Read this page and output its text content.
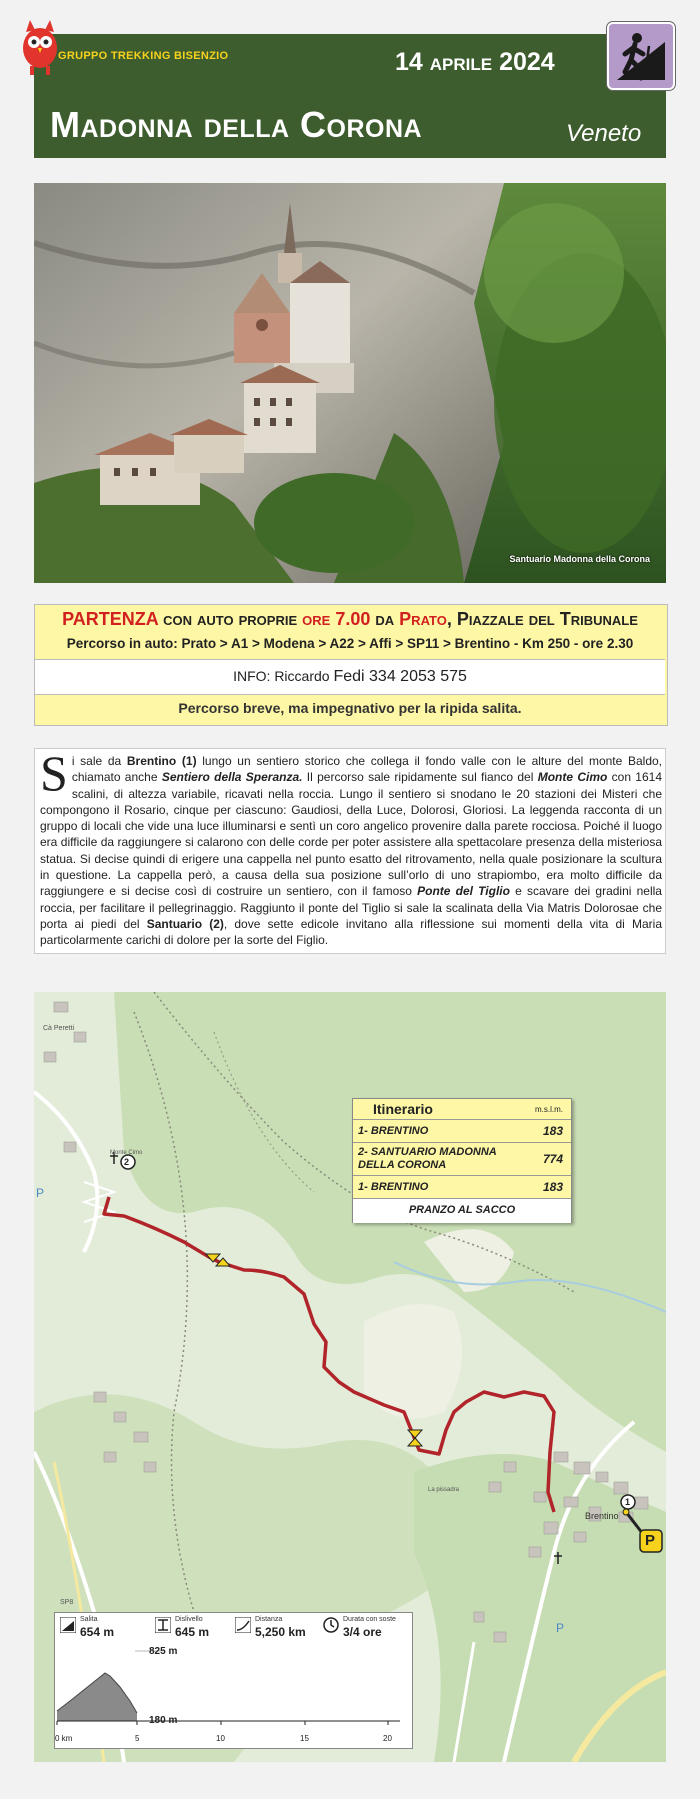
GRUPPO TREKKING BISENZIO	14 APRILE 2024
Madonna della Corona	Veneto
Santuario Madonna della Corona
PARTENZA con auto proprie ore 7.00 da Prato, Piazzale del Tribunale
Percorso in auto: Prato > A1 > Modena > A22 > Affi > SP11 > Brentino - Km 250 - ore 2.30
INFO: Riccardo Fedi 334 2053 575
Percorso breve, ma impegnativo per la ripida salita.
Si sale da Brentino (1) lungo un sentiero storico che collega il fondo valle con le alture del monte Baldo, chiamato anche Sentiero della Speranza. Il percorso sale ripidamente sul fianco del Monte Cimo con 1614 scalini, di altezza variabile, ricavati nella roccia. Lungo il sentiero si snodano le 20 stazioni dei Misteri che compongono il Rosario, cinque per ciascuno: Gaudiosi, della Luce, Dolorosi, Gloriosi. La leggenda racconta di un gruppo di locali che vide una luce illuminarsi e sentì un coro angelico provenire dalla parete rocciosa. Poiché il luogo era difficile da raggiungere si calarono con delle corde per poter assistere alla spettacolare presenza della misteriosa statua. Si decise quindi di erigere una cappella nel punto esatto del ritrovamento, nella quale posizionare la scultura in questione. La cappella però, a causa della sua posizione sull’orlo di uno strapiombo, era molto difficile da raggiungere e si decise così di costruire un sentiero, con il famoso Ponte del Tiglio e scavare dei gradini nella roccia, per facilitare il pellegrinaggio. Raggiunto il ponte del Tiglio si sale la scalinata della Via Matris Dolorosae che porta ai piedi del Santuario (2), dove sette edicole invitano alla riflessione sui momenti della vita di Maria particolarmente carichi di dolore per la sorte del Figlio.
P
P
Cà Peretti
Monte Cimo
La pissadra
Brentino
SP8
2
1
P
Itinerario	m.s.l.m.
1- BRENTINO	183
2- SANTUARIO MADONNA
DELLA CORONA	774
1- BRENTINO	183
PRANZO AL SACCO
Salita
654 m
Dislivello
645 m
Distanza
5,250 km
Durata con soste
3/4 ore
825 m
180 m
0 km	5	10	15	20
